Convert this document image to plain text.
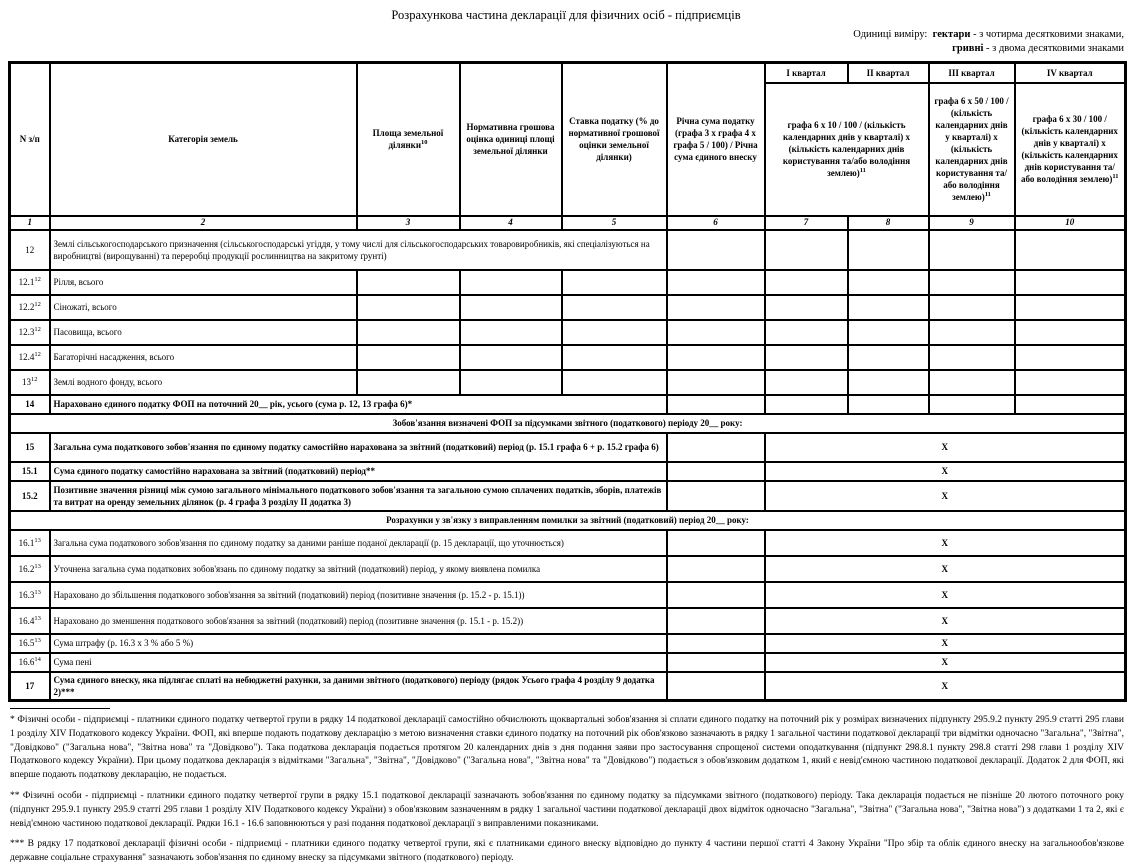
Розрахункова частина декларації для фізичних осіб - підприємців
Одиниці виміру: гектари - з чотирма десятковими знаками,
гривні - з двома десятковими знаками
N з/п	Категорія земель	Площа земельної ділянки$^{10}$	Нормативна грошова оцінка одиниці площі земельної ділянки	Ставка податку (% до нормативної грошової оцінки земельної ділянки)	Річна сума податку (графа 3 х графа 4 х графа 5 / 100) / Річна сума єдиного внеску	I квартал	II квартал	III квартал	IV квартал
						графа 6 х 10 / 100 / (кількість календарних днів у кварталі) х (кількість календарних днів користування та/або володіння землею)$^{11}$		графа 6 х 50 / 100 / (кількість календарних днів у кварталі) х (кількість календарних днів користування та/або володіння землею)$^{11}$	графа 6 х 30 / 100 / (кількість календарних днів у кварталі) х (кількість календарних днів користування та/або володіння землею)$^{11}$
1	2	3	4	5	6	7	8	9	10
12	Землі сільськогосподарського призначення (сільськогосподарські угіддя, у тому числі для сільськогосподарських товаровиробників, які спеціалізуються на виробництві (вирощуванні) та переробці продукції рослинництва на закритому ґрунті)								
12.1$^{12}$	Рілля, всього								
12.2$^{12}$	Сіножаті, всього								
12.3$^{12}$	Пасовища, всього								
12.4$^{12}$	Багаторічні насадження, всього								
$13^{12}$	Землі водного фонду, всього								
14	Нараховано єдиного податку ФОП на поточний 20__ рік, усього (сума р. 12, 13 графа 6)*								
Зобов'язання визначені ФОП за підсумками звітного (податкового) періоду 20__ року:									
15	Загальна сума податкового зобов'язання по єдиному податку самостійно нарахована за звітний (податковий) період (р. 15.1 графа 6 + р. 15.2 графа 6)					X			
15.1	Сума єдиного податку самостійно нарахована за звітний (податковий) період**					X			
15.2	Позитивне значення різниці між сумою загального мінімального податкового зобов'язання та загальною сумою сплачених податків, зборів, платежів та витрат на оренду земельних ділянок (р. 4 графа 3 розділу II додатка 3)					X			
Розрахунки у зв'язку з виправленням помилки за звітний (податковий) період 20__ року:									
16.1$^{13}$	Загальна сума податкового зобов'язання по єдиному податку за даними раніше поданої декларації (р. 15 декларації, що уточнюється)					X			
16.2$^{13}$	Уточнена загальна сума податкових зобов'язань по єдиному податку за звітний (податковий) період, у якому виявлена помилка					X			
16.3$^{13}$	Нараховано до збільшення податкового зобов'язання за звітний (податковий) період (позитивне значення (р. 15.2 - р. 15.1))					X			
16.4$^{13}$	Нараховано до зменшення податкового зобов'язання за звітний (податковий) період (позитивне значення (р. 15.1 - р. 15.2))					X			
16.5$^{13}$	Сума штрафу (р. 16.3 х 3 % або 5 %)					X			
16.6$^{14}$	Сума пені					X			
17	Сума єдиного внеску, яка підлягає сплаті на небюджетні рахунки, за даними звітного (податкового) періоду (рядок Усього графа 4 розділу 9 додатка 2)***					X			
* Фізичні особи - підприємці - платники єдиного податку четвертої групи в рядку 14 податкової декларації самостійно обчислюють щоквартальні зобов'язання зі сплати єдиного податку на поточний рік у розмірах визначених підпункту 295.9.2 пункту 295.9 статті 295 глави 1 розділу XIV Податкового кодексу України. ФОП, які вперше подають податкову декларацію з метою визначення ставки єдиного податку на поточний рік обов'язково зазначають в рядку 1 загальної частини податкової декларації три відмітки одночасно "Загальна", "Звітна", "Довідково" ("Загальна нова", "Звітна нова" та "Довідково"). Така податкова декларація подається протягом 20 календарних днів з дня подання заяви про застосування спрощеної системи оподаткування (підпункт 298.8.1 пункту 298.8 статті 298 глави 1 розділу XIV Податкового кодексу України). При цьому податкова декларація з відмітками "Загальна", "Звітна", "Довідково" ("Загальна нова", "Звітна нова" та "Довідково") подається з обов'язковим додатком 1, який є невід'ємною частиною податкової декларації. Додаток 2 для ФОП, які вперше подають податкову декларацію, не подається.
** Фізичні особи - підприємці - платники єдиного податку четвертої групи в рядку 15.1 податкової декларації зазначають зобов'язання по єдиному податку за підсумками звітного (податкового) періоду. Така декларація подається не пізніше 20 лютого поточного року (підпункт 295.9.1 пункту 295.9 статті 295 глави 1 розділу XIV Податкового кодексу України) з обов'язковим зазначенням в рядку 1 загальної частини податкової декларації двох відміток одночасно "Загальна", "Звітна" ("Загальна нова", "Звітна нова") з додатками 1 та 2, які є невід'ємною частиною податкової декларації. Рядки 16.1 - 16.6 заповнюються у разі подання податкової декларації з виправленими показниками.
*** В рядку 17 податкової декларації фізичні особи - підприємці - платники єдиного податку четвертої групи, які є платниками єдиного внеску відповідно до пункту 4 частини першої статті 4 Закону України "Про збір та облік єдиного внеску на загальнообов'язкове державне соціальне страхування" зазначають зобов'язання по єдиному внеску за підсумками звітного (податкового) періоду.
